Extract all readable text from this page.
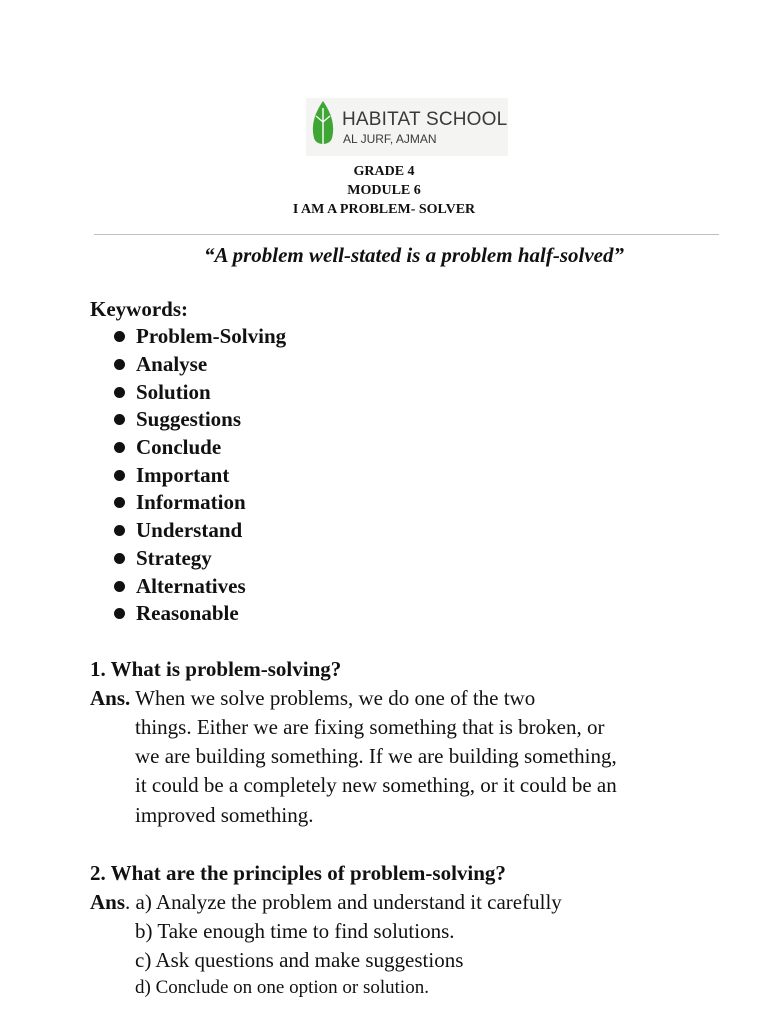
HABITAT SCHOOL
AL JURF, AJMAN
GRADE 4
MODULE 6
I AM A PROBLEM- SOLVER
“A problem well-stated is a problem half-solved”
Keywords:
Problem-Solving
Analyse
Solution
Suggestions
Conclude
Important
Information
Understand
Strategy
Alternatives
Reasonable
1. What is problem-solving?
Ans. When we solve problems, we do one of the two
things. Either we are fixing something that is broken, or
we are building something. If we are building something,
it could be a completely new something, or it could be an
improved something.
2. What are the principles of problem-solving?
Ans. a) Analyze the problem and understand it carefully
b) Take enough time to find solutions.
c) Ask questions and make suggestions
d) Conclude on one option or solution.
